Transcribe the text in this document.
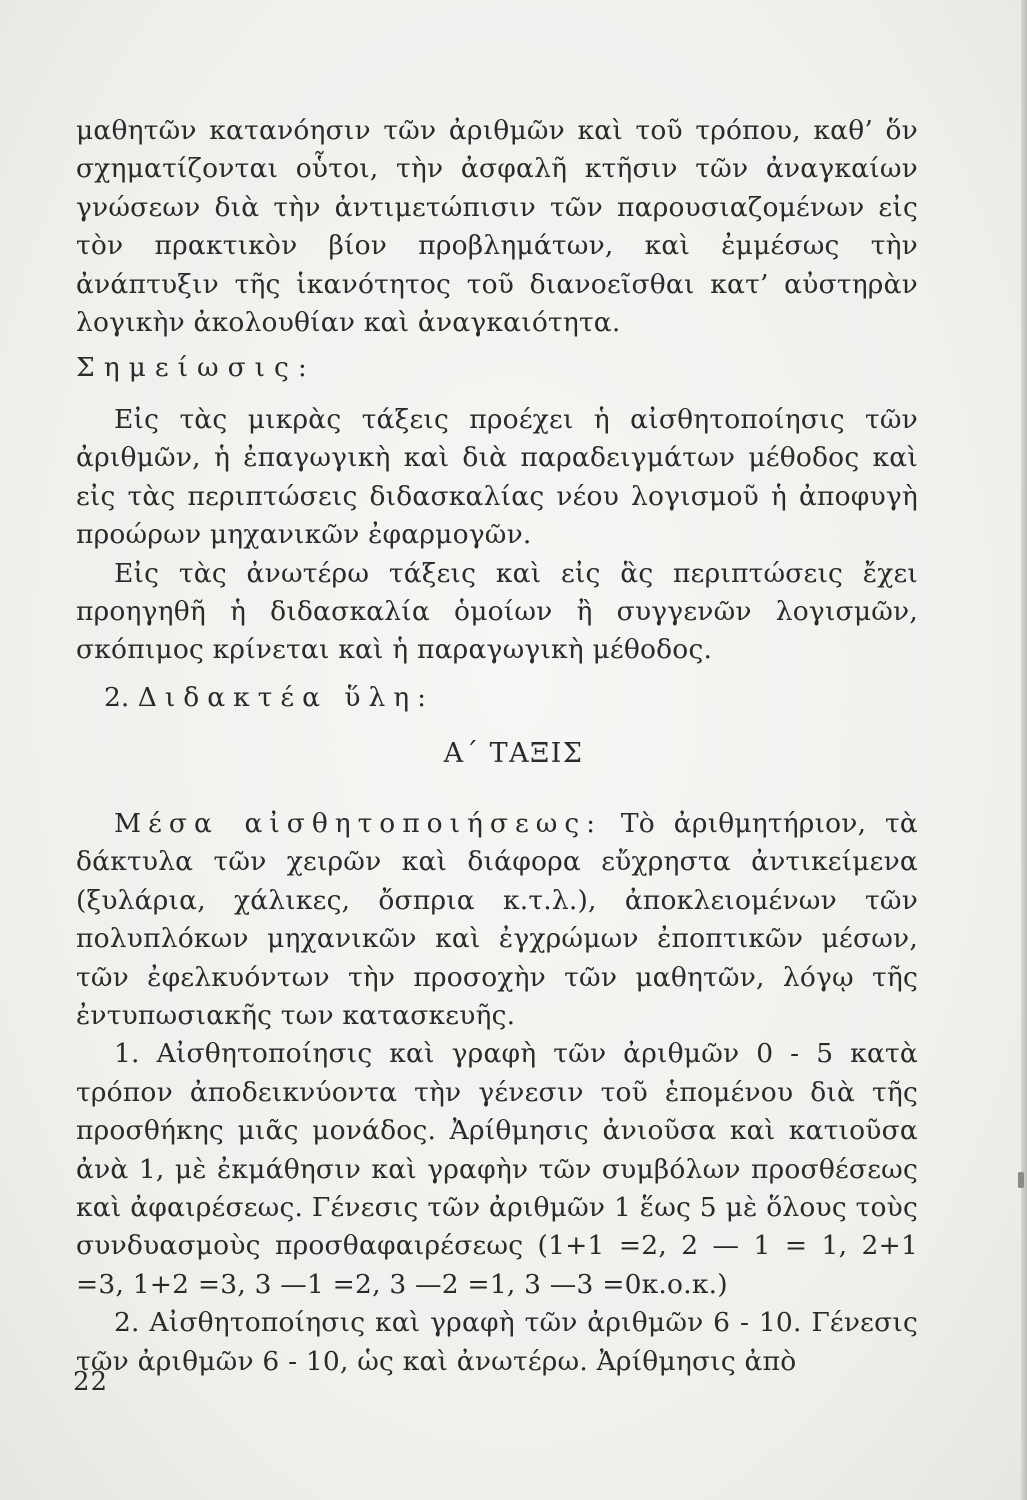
μαθητῶν κατανόησιν τῶν ἀριθμῶν καὶ τοῦ τρόπου, καθ’ ὅν σχηματίζονται οὗτοι, τὴν ἀσφαλῆ κτῆσιν τῶν ἀναγκαίων γνώσεων διὰ τὴν ἀντιμετώπισιν τῶν παρουσιαζομένων εἰς τὸν πρακτικὸν βίον προβλημάτων, καὶ ἐμμέσως τὴν ἀνάπτυξιν τῆς ἱκανότητος τοῦ διανοεῖσθαι κατ’ αὐστηρὰν λογικὴν ἀκολουθίαν καὶ ἀναγκαιότητα.

Σημείωσις:

Εἰς τὰς μικρὰς τάξεις προέχει ἡ αἰσθητοποίησις τῶν ἀριθμῶν, ἡ ἐπαγωγικὴ καὶ διὰ παραδειγμάτων μέθοδος καὶ εἰς τὰς περιπτώσεις διδασκαλίας νέου λογισμοῦ ἡ ἀποφυγὴ προώρων μηχανικῶν ἐφαρμογῶν.

Εἰς τὰς ἀνωτέρω τάξεις καὶ εἰς ἃς περιπτώσεις ἔχει προηγηθῆ ἡ διδασκαλία ὁμοίων ἢ συγγενῶν λογισμῶν, σκόπιμος κρίνεται καὶ ἡ παραγωγικὴ μέθοδος.

2. Διδακτέα ὕλη:
Α΄ ΤΑΞΙΣ

Μέσα αἰσθητοποιήσεως: Τὸ ἀριθμητήριον, τὰ δάκτυλα τῶν χειρῶν καὶ διάφορα εὔχρηστα ἀντικείμενα (ξυλάρια, χάλικες, ὄσπρια κ.τ.λ.), ἀποκλειομένων τῶν πολυπλόκων μηχανικῶν καὶ ἐγχρώμων ἐποπτικῶν μέσων, τῶν ἐφελκυόντων τὴν προσοχὴν τῶν μαθητῶν, λόγῳ τῆς ἐντυπωσιακῆς των κατασκευῆς.

1. Αἰσθητοποίησις καὶ γραφὴ τῶν ἀριθμῶν 0 - 5 κατὰ τρόπον ἀποδεικνύοντα τὴν γένεσιν τοῦ ἑπομένου διὰ τῆς προσθήκης μιᾶς μονάδος. Ἀρίθμησις ἀνιοῦσα καὶ κατιοῦσα ἀνὰ 1, μὲ ἐκμάθησιν καὶ γραφὴν τῶν συμβόλων προσθέσεως καὶ ἀφαιρέσεως. Γένεσις τῶν ἀριθμῶν 1 ἕως 5 μὲ ὅλους τοὺς συνδυασμοὺς προσθαφαιρέσεως (1+1 =2, 2 — 1 = 1, 2+1 =3, 1+2 =3, 3 —1 =2, 3 —2 =1, 3 —3 =0κ.ο.κ.)

2. Αἰσθητοποίησις καὶ γραφὴ τῶν ἀριθμῶν 6 - 10. Γένεσις τῶν ἀριθμῶν 6 - 10, ὡς καὶ ἀνωτέρω. Ἀρίθμησις ἀπὸ

22
